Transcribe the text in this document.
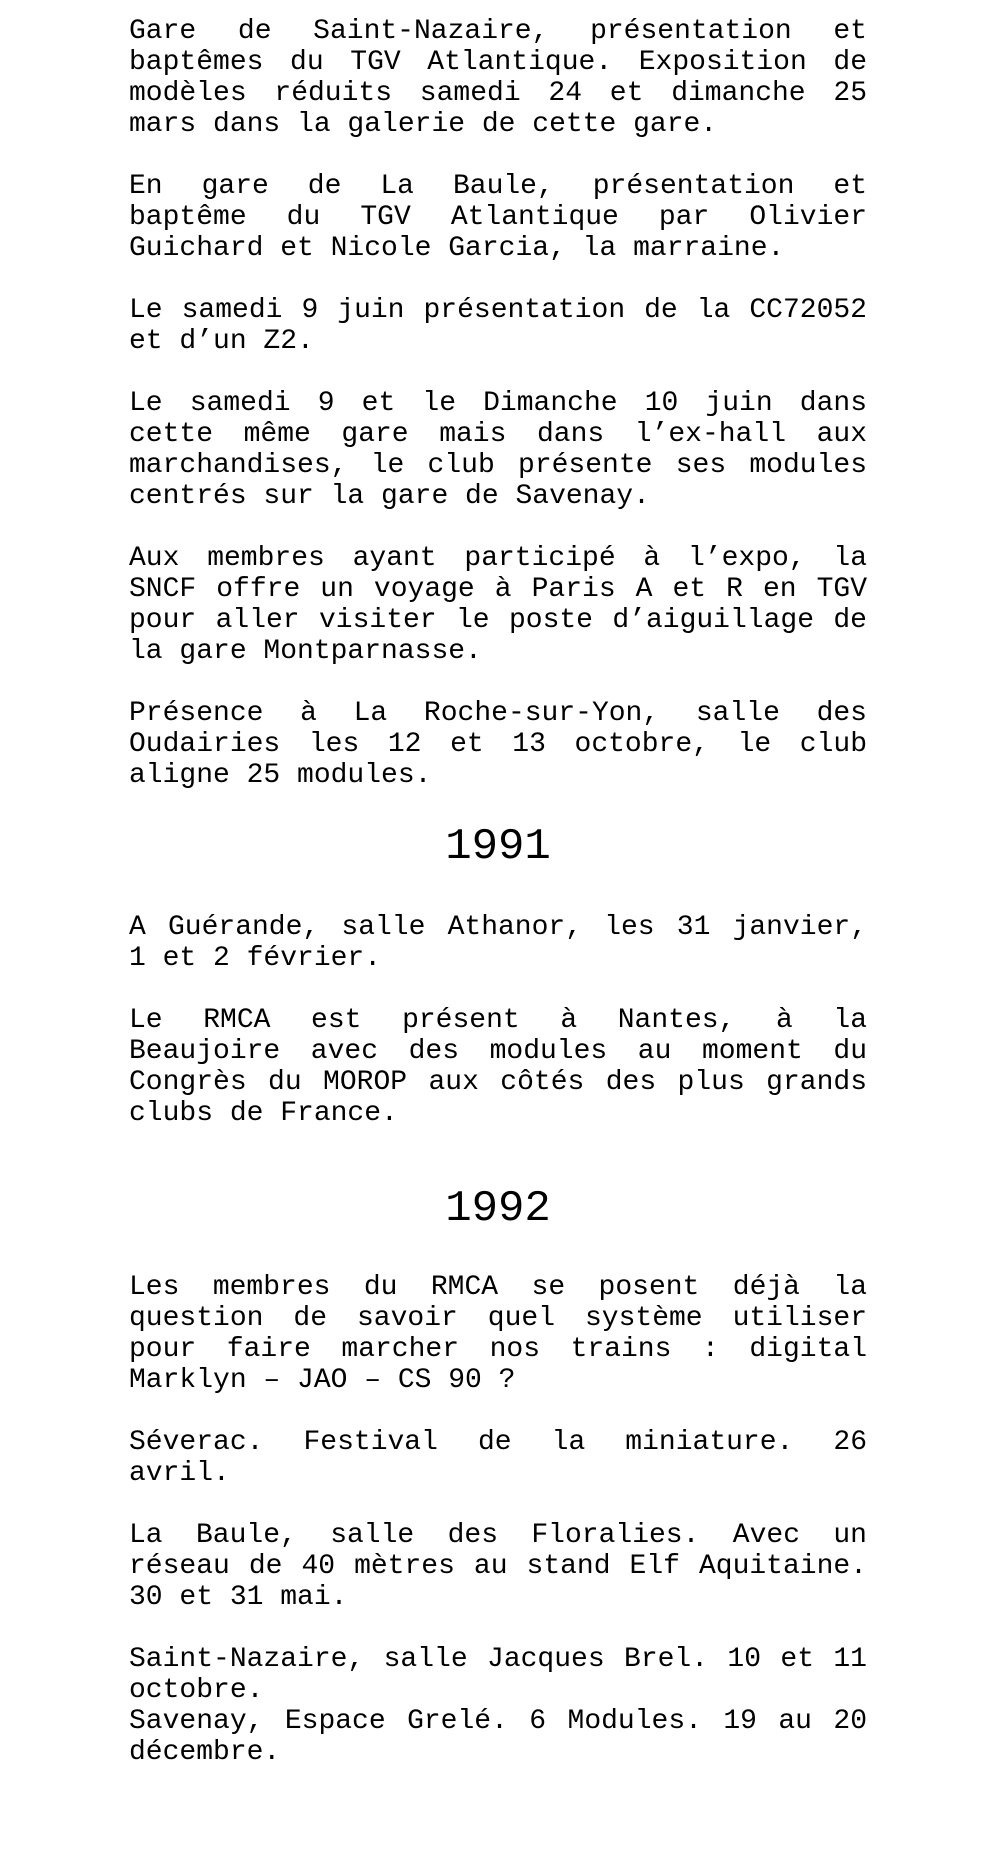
Gare de Saint-Nazaire, présentation et baptêmes du TGV Atlantique. Exposition de modèles réduits samedi 24 et dimanche 25 mars dans la galerie de cette gare.

En gare de La Baule, présentation et baptême du TGV Atlantique par Olivier Guichard et Nicole Garcia, la marraine.

Le samedi 9 juin présentation de la CC72052 et d’un Z2.

Le samedi 9 et le Dimanche 10 juin dans cette même gare mais dans l’ex-hall aux marchandises, le club présente ses modules centrés sur la gare de Savenay.

Aux membres ayant participé à l’expo, la SNCF offre un voyage à Paris A et R en TGV pour aller visiter le poste d’aiguillage de la gare Montparnasse.

Présence à La Roche-sur-Yon, salle des Oudairies les 12 et 13 octobre, le club aligne 25 modules.

1991

A Guérande, salle Athanor, les 31 janvier, 1 et 2 février.

Le RMCA est présent à Nantes, à la Beaujoire avec des modules au moment du Congrès du MOROP aux côtés des plus grands clubs de France.

1992

Les membres du RMCA se posent déjà la question de savoir quel système utiliser pour faire marcher nos trains : digital Marklyn – JAO – CS 90 ?

Séverac. Festival de la miniature. 26 avril.

La Baule, salle des Floralies. Avec un réseau de 40 mètres au stand Elf Aquitaine. 30 et 31 mai.

Saint-Nazaire, salle Jacques Brel. 10 et 11 octobre.

Savenay, Espace Grelé. 6 Modules. 19 au 20 décembre.
